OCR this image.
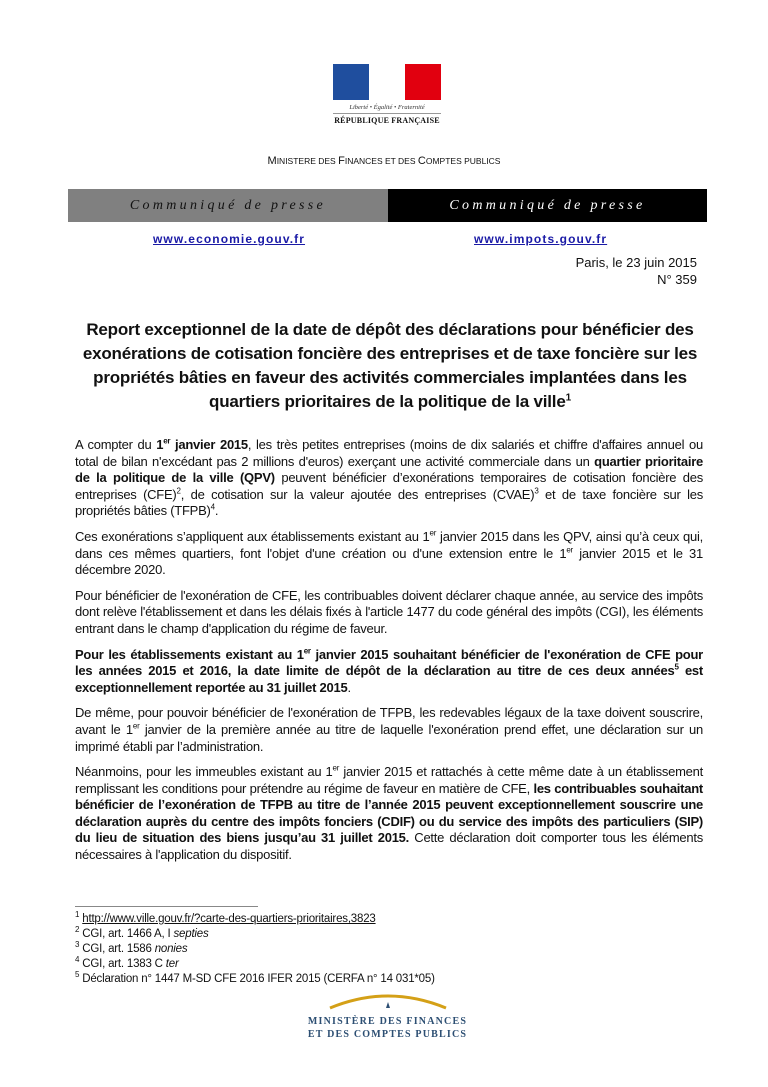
Liberté • Égalité • Fraternité
RÉPUBLIQUE FRANÇAISE
MINISTERE DES FINANCES ET DES COMPTES PUBLICS
Communiqué de presse	Communiqué de presse
www.economie.gouv.fr	www.impots.gouv.fr
Paris, le 23 juin 2015
N° 359
Report exceptionnel de la date de dépôt des déclarations pour bénéficier des exonérations de cotisation foncière des entreprises et de taxe foncière sur les propriétés bâties en faveur des activités commerciales implantées dans les quartiers prioritaires de la politique de la ville$^1$

A compter du 1er janvier 2015, les très petites entreprises (moins de dix salariés et chiffre d'affaires annuel ou total de bilan n'excédant pas 2 millions d'euros) exerçant une activité commerciale dans un quartier prioritaire de la politique de la ville (QPV) peuvent bénéficier d’exonérations temporaires de cotisation foncière des entreprises (CFE)$^2$, de cotisation sur la valeur ajoutée des entreprises (CVAE)$^3$ et de taxe foncière sur les propriétés bâties (TFPB)$^4$.

Ces exonérations s’appliquent aux établissements existant au 1er janvier 2015 dans les QPV, ainsi qu’à ceux qui, dans ces mêmes quartiers, font l'objet d'une création ou d'une extension entre le 1er janvier 2015 et le 31 décembre 2020.

Pour bénéficier de l'exonération de CFE, les contribuables doivent déclarer chaque année, au service des impôts dont relève l'établissement et dans les délais fixés à l'article 1477 du code général des impôts (CGI), les éléments entrant dans le champ d'application du régime de faveur.

Pour les établissements existant au 1er janvier 2015 souhaitant bénéficier de l'exonération de CFE pour les années 2015 et 2016, la date limite de dépôt de la déclaration au titre de ces deux années$^5$ est exceptionnellement reportée au 31 juillet 2015.

De même, pour pouvoir bénéficier de l'exonération de TFPB, les redevables légaux de la taxe doivent souscrire, avant le 1er janvier de la première année au titre de laquelle l'exonération prend effet, une déclaration sur un imprimé établi par l’administration.

Néanmoins, pour les immeubles existant au 1er janvier 2015 et rattachés à cette même date à un établissement remplissant les conditions pour prétendre au régime de faveur en matière de CFE, les contribuables souhaitant bénéficier de l’exonération de TFPB au titre de l’année 2015 peuvent exceptionnellement souscrire une déclaration auprès du centre des impôts fonciers (CDIF) ou du service des impôts des particuliers (SIP) du lieu de situation des biens jusqu’au 31 juillet 2015. Cette déclaration doit comporter tous les éléments nécessaires à l'application du dispositif.

$^1$ http://www.ville.gouv.fr/?carte-des-quartiers-prioritaires,3823
$^2$ CGI, art. 1466 A, I septies
$^3$ CGI, art. 1586 nonies
$^4$ CGI, art. 1383 C ter
$^5$ Déclaration n° 1447 M-SD CFE 2016 IFER 2015 (CERFA n° 14 031*05)
MINISTÈRE DES FINANCES
ET DES COMPTES PUBLICS
